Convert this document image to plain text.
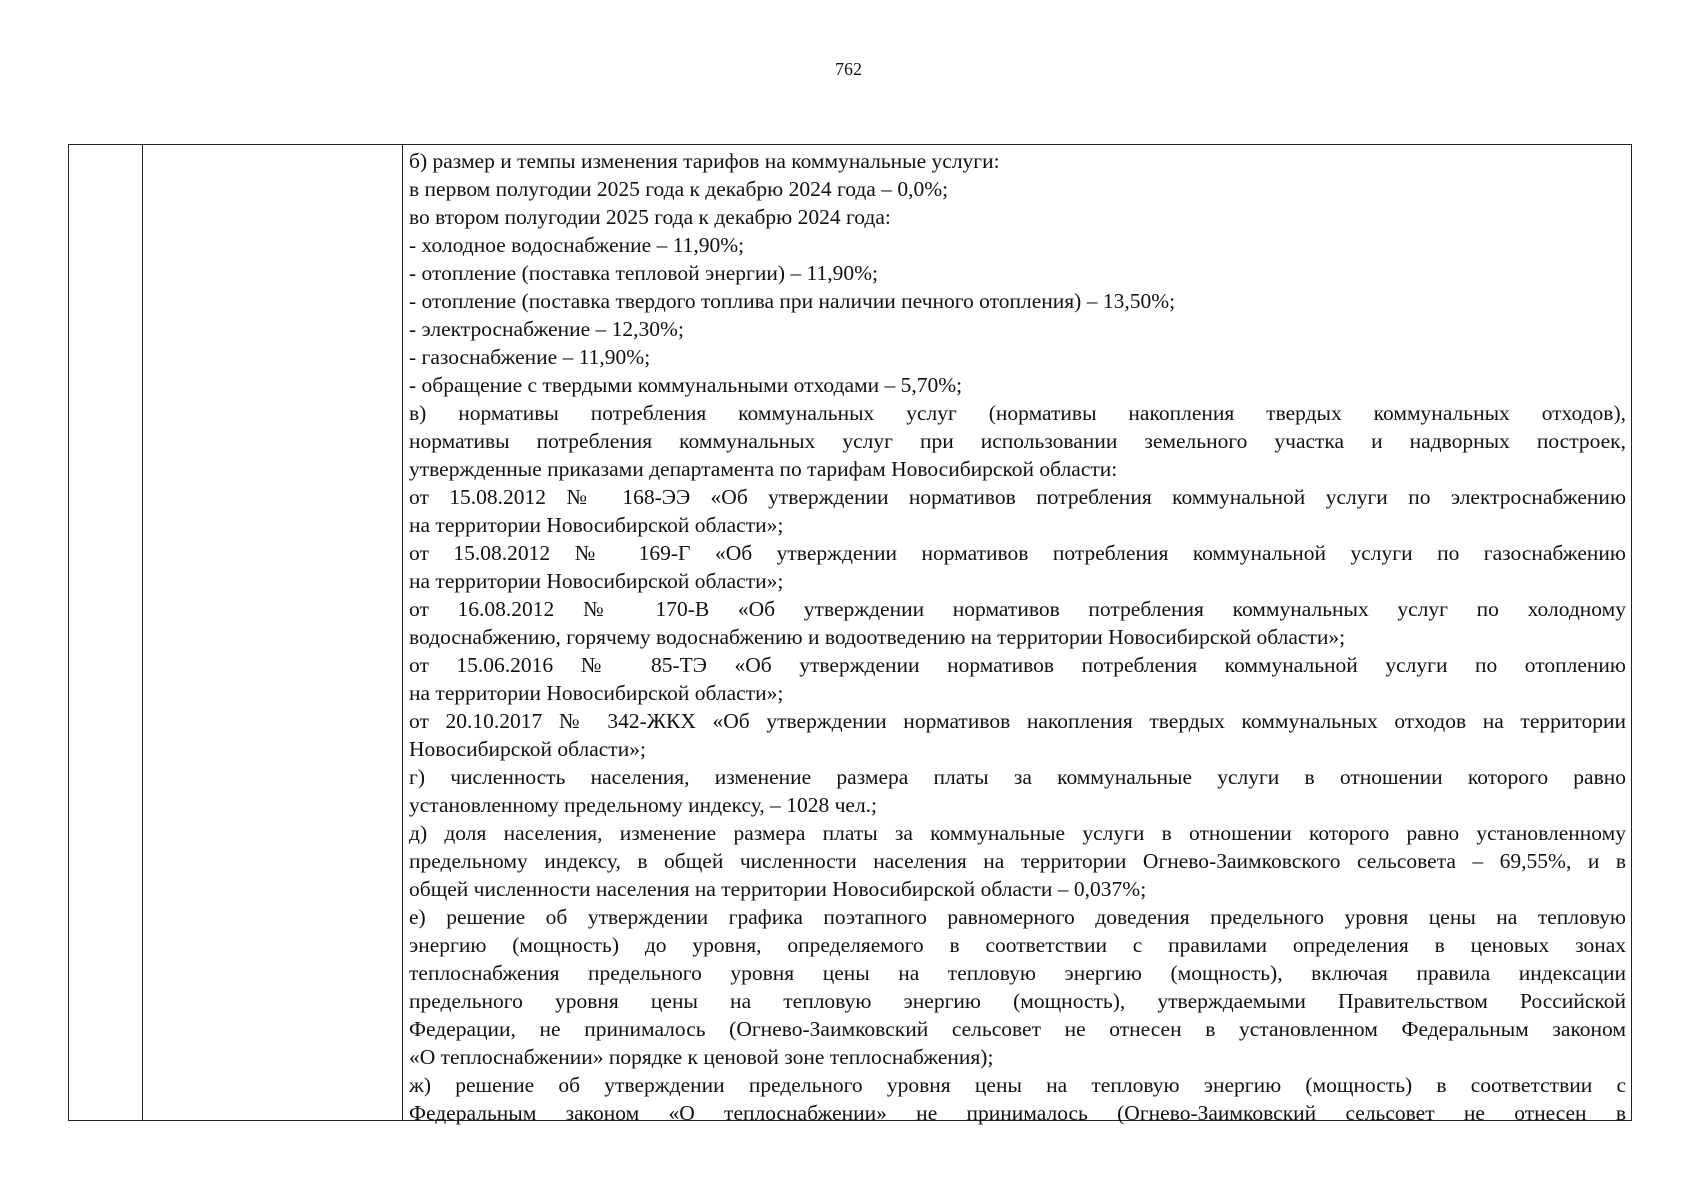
762
б) размер и темпы изменения тарифов на коммунальные услуги:
в первом полугодии 2025 года к декабрю 2024 года – 0,0%;
во втором полугодии 2025 года к декабрю 2024 года:
- холодное водоснабжение – 11,90%;
- отопление (поставка тепловой энергии) – 11,90%;
- отопление (поставка твердого топлива при наличии печного отопления) – 13,50%;
- электроснабжение – 12,30%;
- газоснабжение – 11,90%;
- обращение с твердыми коммунальными отходами – 5,70%;
в) нормативы потребления коммунальных услуг (нормативы накопления твердых коммунальных отходов),
нормативы потребления коммунальных услуг при использовании земельного участка и надворных построек,
утвержденные приказами департамента по тарифам Новосибирской области:
от 15.08.2012 № 168-ЭЭ «Об утверждении нормативов потребления коммунальной услуги по электроснабжению
на территории Новосибирской области»;
от 15.08.2012 № 169-Г «Об утверждении нормативов потребления коммунальной услуги по газоснабжению
на территории Новосибирской области»;
от 16.08.2012 № 170-В «Об утверждении нормативов потребления коммунальных услуг по холодному
водоснабжению, горячему водоснабжению и водоотведению на территории Новосибирской области»;
от 15.06.2016 № 85-ТЭ «Об утверждении нормативов потребления коммунальной услуги по отоплению
на территории Новосибирской области»;
от 20.10.2017 № 342-ЖКХ «Об утверждении нормативов накопления твердых коммунальных отходов на территории
Новосибирской области»;
г) численность населения, изменение размера платы за коммунальные услуги в отношении которого равно
установленному предельному индексу, – 1028 чел.;
д) доля населения, изменение размера платы за коммунальные услуги в отношении которого равно установленному
предельному индексу, в общей численности населения на территории Огнево-Заимковского сельсовета – 69,55%, и в
общей численности населения на территории Новосибирской области – 0,037%;
е) решение об утверждении графика поэтапного равномерного доведения предельного уровня цены на тепловую
энергию (мощность) до уровня, определяемого в соответствии с правилами определения в ценовых зонах
теплоснабжения предельного уровня цены на тепловую энергию (мощность), включая правила индексации
предельного уровня цены на тепловую энергию (мощность), утверждаемыми Правительством Российской
Федерации, не принималось (Огнево-Заимковский сельсовет не отнесен в установленном Федеральным законом
«О теплоснабжении» порядке к ценовой зоне теплоснабжения);
ж) решение об утверждении предельного уровня цены на тепловую энергию (мощность) в соответствии с
Федеральным законом «О теплоснабжении» не принималось (Огнево-Заимковский сельсовет не отнесен в
